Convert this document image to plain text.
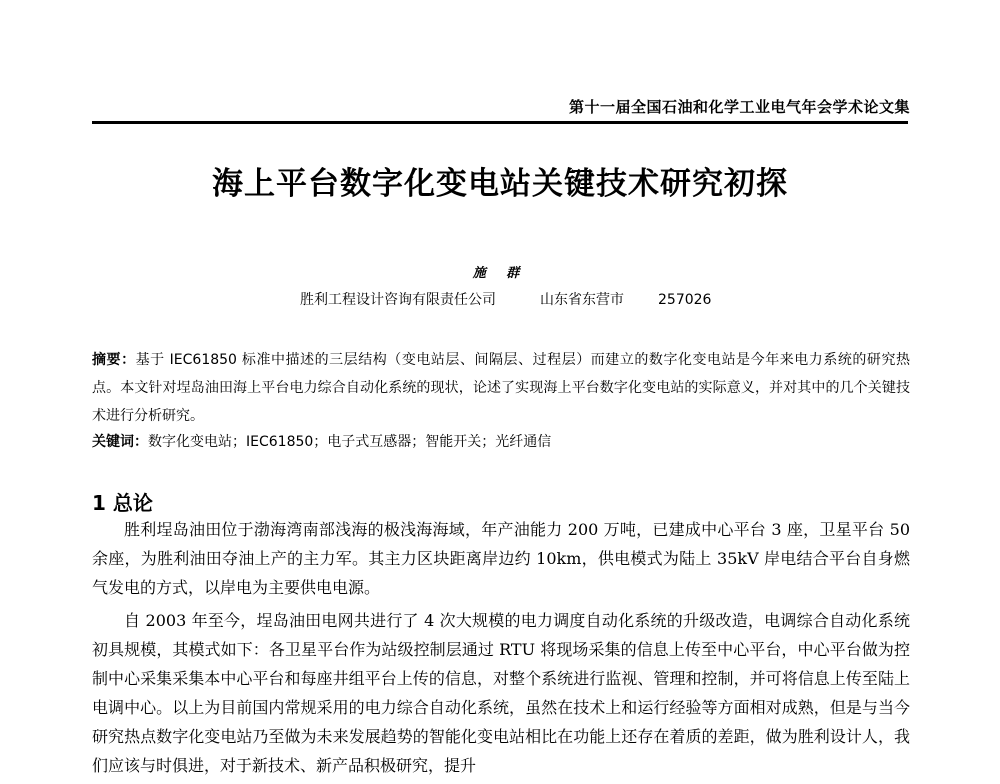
第十一届全国石油和化学工业电气年会学术论文集
海上平台数字化变电站关键技术研究初探
施 群
胜利工程设计咨询有限责任公司	山东省东营市 257026
摘要：基于 IEC61850 标准中描述的三层结构（变电站层、间隔层、过程层）而建立的数字化变电站是今年来电力系统的研究热点。本文针对埕岛油田海上平台电力综合自动化系统的现状，论述了实现海上平台数字化变电站的实际意义，并对其中的几个关键技术进行分析研究。
关键词：数字化变电站；IEC61850；电子式互感器；智能开关；光纤通信
1 总论

胜利埕岛油田位于渤海湾南部浅海的极浅海海域，年产油能力 200 万吨，已建成中心平台 3 座，卫星平台 50 余座，为胜利油田夺油上产的主力军。其主力区块距离岸边约 10km，供电模式为陆上 35kV 岸电结合平台自身燃气发电的方式，以岸电为主要供电电源。

自 2003 年至今，埕岛油田电网共进行了 4 次大规模的电力调度自动化系统的升级改造，电调综合自动化系统初具规模，其模式如下：各卫星平台作为站级控制层通过 RTU 将现场采集的信息上传至中心平台，中心平台做为控制中心采集采集本中心平台和每座井组平台上传的信息，对整个系统进行监视、管理和控制，并可将信息上传至陆上电调中心。以上为目前国内常规采用的电力综合自动化系统，虽然在技术上和运行经验等方面相对成熟，但是与当今研究热点数字化变电站乃至做为未来发展趋势的智能化变电站相比在功能上还存在着质的差距，做为胜利设计人，我们应该与时俱进，对于新技术、新产品积极研究，提升
